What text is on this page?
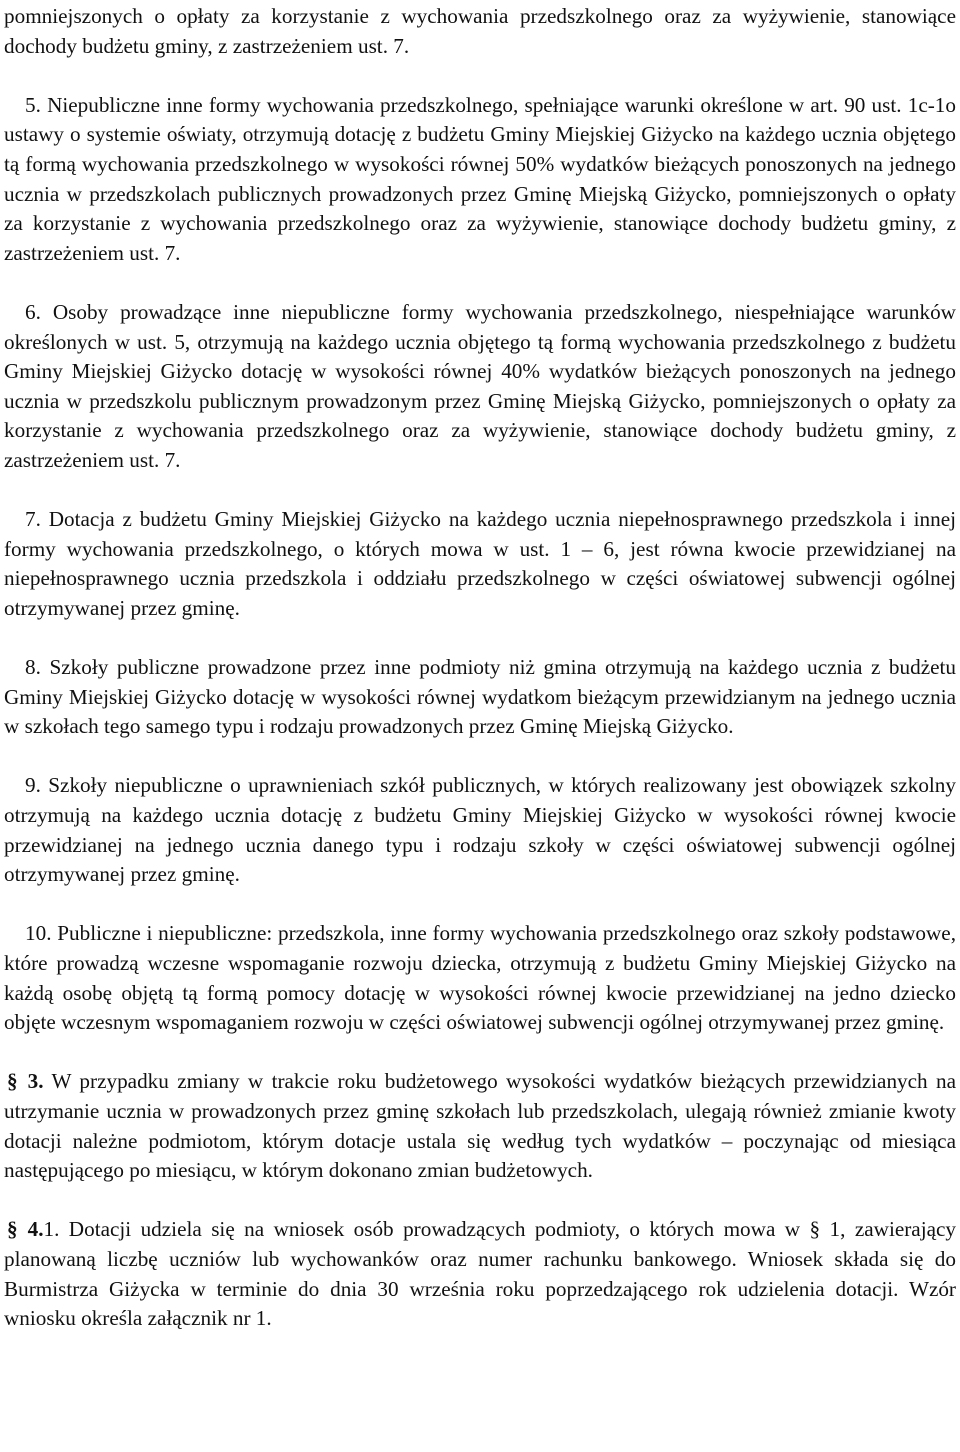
pomniejszonych o opłaty za korzystanie z wychowania przedszkolnego oraz za wyżywienie, stanowiące dochody budżetu gminy, z zastrzeżeniem ust. 7.

5. Niepubliczne inne formy wychowania przedszkolnego, spełniające warunki określone w art. 90 ust. 1c-1o ustawy o systemie oświaty, otrzymują dotację z budżetu Gminy Miejskiej Giżycko na każdego ucznia objętego tą formą wychowania przedszkolnego w wysokości równej 50% wydatków bieżących ponoszonych na jednego ucznia w przedszkolach publicznych prowadzonych przez Gminę Miejską Giżycko, pomniejszonych o opłaty za korzystanie z wychowania przedszkolnego oraz za wyżywienie, stanowiące dochody budżetu gminy, z zastrzeżeniem ust. 7.

6. Osoby prowadzące inne niepubliczne formy wychowania przedszkolnego, niespełniające warunków określonych w ust. 5, otrzymują na każdego ucznia objętego tą formą wychowania przedszkolnego z budżetu Gminy Miejskiej Giżycko dotację w wysokości równej 40% wydatków bieżących ponoszonych na jednego ucznia w przedszkolu publicznym prowadzonym przez Gminę Miejską Giżycko, pomniejszonych o opłaty za korzystanie z wychowania przedszkolnego oraz za wyżywienie, stanowiące dochody budżetu gminy, z zastrzeżeniem ust. 7.

7. Dotacja z budżetu Gminy Miejskiej Giżycko na każdego ucznia niepełnosprawnego przedszkola i innej formy wychowania przedszkolnego, o których mowa w ust. 1 – 6, jest równa kwocie przewidzianej na niepełnosprawnego ucznia przedszkola i oddziału przedszkolnego w części oświatowej subwencji ogólnej otrzymywanej przez gminę.

8. Szkoły publiczne prowadzone przez inne podmioty niż gmina otrzymują na każdego ucznia z budżetu Gminy Miejskiej Giżycko dotację w wysokości równej wydatkom bieżącym przewidzianym na jednego ucznia w szkołach tego samego typu i rodzaju prowadzonych przez Gminę Miejską Giżycko.

9. Szkoły niepubliczne o uprawnieniach szkół publicznych, w których realizowany jest obowiązek szkolny otrzymują na każdego ucznia dotację z budżetu Gminy Miejskiej Giżycko w wysokości równej kwocie przewidzianej na jednego ucznia danego typu i rodzaju szkoły w części oświatowej subwencji ogólnej otrzymywanej przez gminę.

10. Publiczne i niepubliczne: przedszkola, inne formy wychowania przedszkolnego oraz szkoły podstawowe, które prowadzą wczesne wspomaganie rozwoju dziecka, otrzymują z budżetu Gminy Miejskiej Giżycko na każdą osobę objętą tą formą pomocy dotację w wysokości równej kwocie przewidzianej na jedno dziecko objęte wczesnym wspomaganiem rozwoju w części oświatowej subwencji ogólnej otrzymywanej przez gminę.

§ 3. W przypadku zmiany w trakcie roku budżetowego wysokości wydatków bieżących przewidzianych na utrzymanie ucznia w prowadzonych przez gminę szkołach lub przedszkolach, ulegają również zmianie kwoty dotacji należne podmiotom, którym dotacje ustala się według tych wydatków – poczynając od miesiąca następującego po miesiącu, w którym dokonano zmian budżetowych.

§ 4.1. Dotacji udziela się na wniosek osób prowadzących podmioty, o których mowa w § 1, zawierający planowaną liczbę uczniów lub wychowanków oraz numer rachunku bankowego. Wniosek składa się do Burmistrza Giżycka w terminie do dnia 30 września roku poprzedzającego rok udzielenia dotacji. Wzór wniosku określa załącznik nr 1.
